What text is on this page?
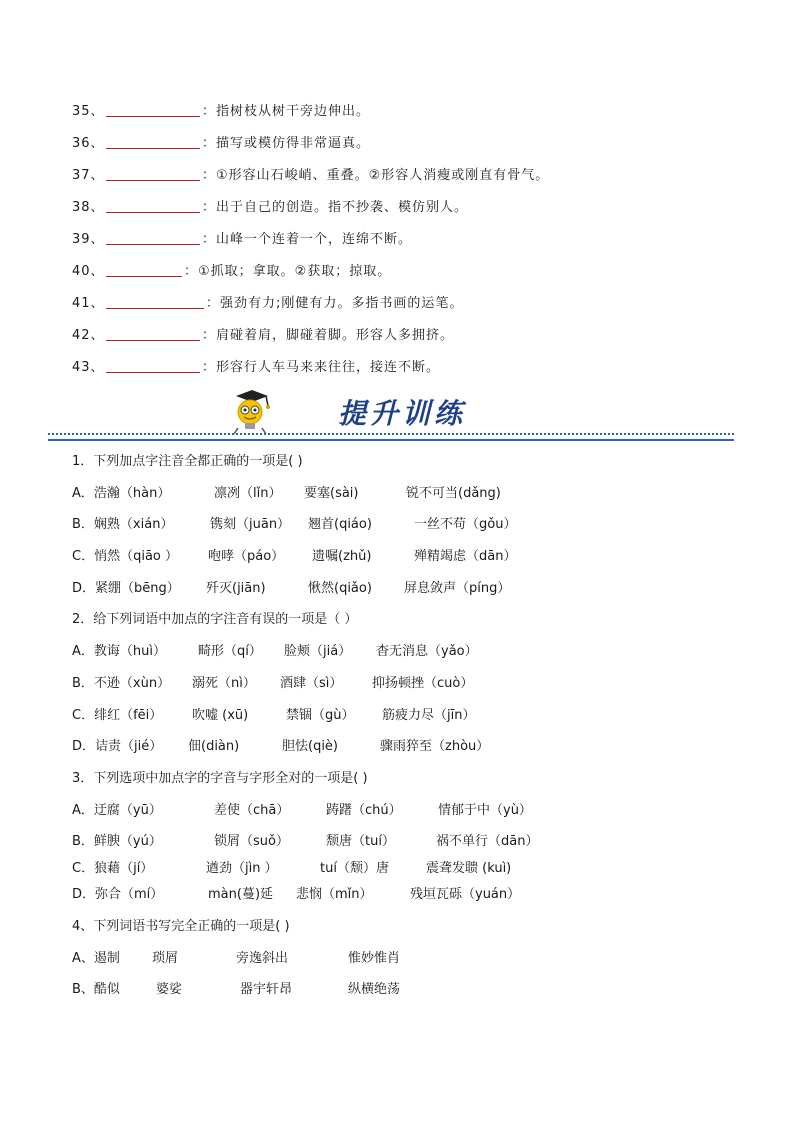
35、	：指树枝从树干旁边伸出。
36、	：描写或模仿得非常逼真。
37、	：①形容山石峻峭、重叠。②形容人消瘦或刚直有骨气。
38、	：出于自己的创造。指不抄袭、模仿别人。
39、	：山峰一个连着一个，连绵不断。
40、	：①抓取；拿取。②获取；掠取。
41、	：强劲有力;刚健有力。多指书画的运笔。
42、	：肩碰着肩，脚碰着脚。形容人多拥挤。
43、	：形容行人车马来来往往，接连不断。
提升训练
1．下列加点字注音全都正确的一项是( )
A．浩瀚（hàn）	凛冽（lǐn） 要塞(sài)	锐不可当(dǎng)
B．娴熟（xián）	镌刻（juān） 翘首(qiáo)	一丝不苟（gǒu）
C．悄然（qiāo ） 咆哮（páo） 遗嘱(zhǔ)	殚精竭虑（dān）
D．紧绷（bēng） 歼灭(jiān)	愀然(qiǎo) 屏息敛声（píng）
2．给下列词语中加点的字注音有误的一项是（ ）
A．教诲（huì） 畸形（qí） 脸颊（jiá） 杳无消息（yǎo）
B．不逊（xùn） 溺死（nì） 酒肆（sì） 抑扬顿挫（cuò）
C．绯红（fēi） 吹嘘 (xū)	禁锢（gù） 筋疲力尽（jīn）
D．诘责（jié） 佃(diàn)	胆怯(qiè)	骤雨猝至（zhòu）
3．下列选项中加点字的字音与字形全对的一项是( )
A．迂腐（yū）	差使（chā）	踌躇（chú）	情郁于中（yù）
B．鲜腴（yú）	锁屑（suǒ）	颓唐（tuí）	祸不单行（dān）
C．狼藉（jí）	遒劲（jìn ）	tuí（颓）唐	震聋发聩 (kuì)
D．弥合（mí）	màn(蔓)延 悲悯（mǐn）	残垣瓦砾（yuán）
4、下列词语书写完全正确的一项是( )
A、遏制 琐屑	旁逸斜出	惟妙惟肖
B、酷似	婆娑	器宇轩昂	纵横绝荡
